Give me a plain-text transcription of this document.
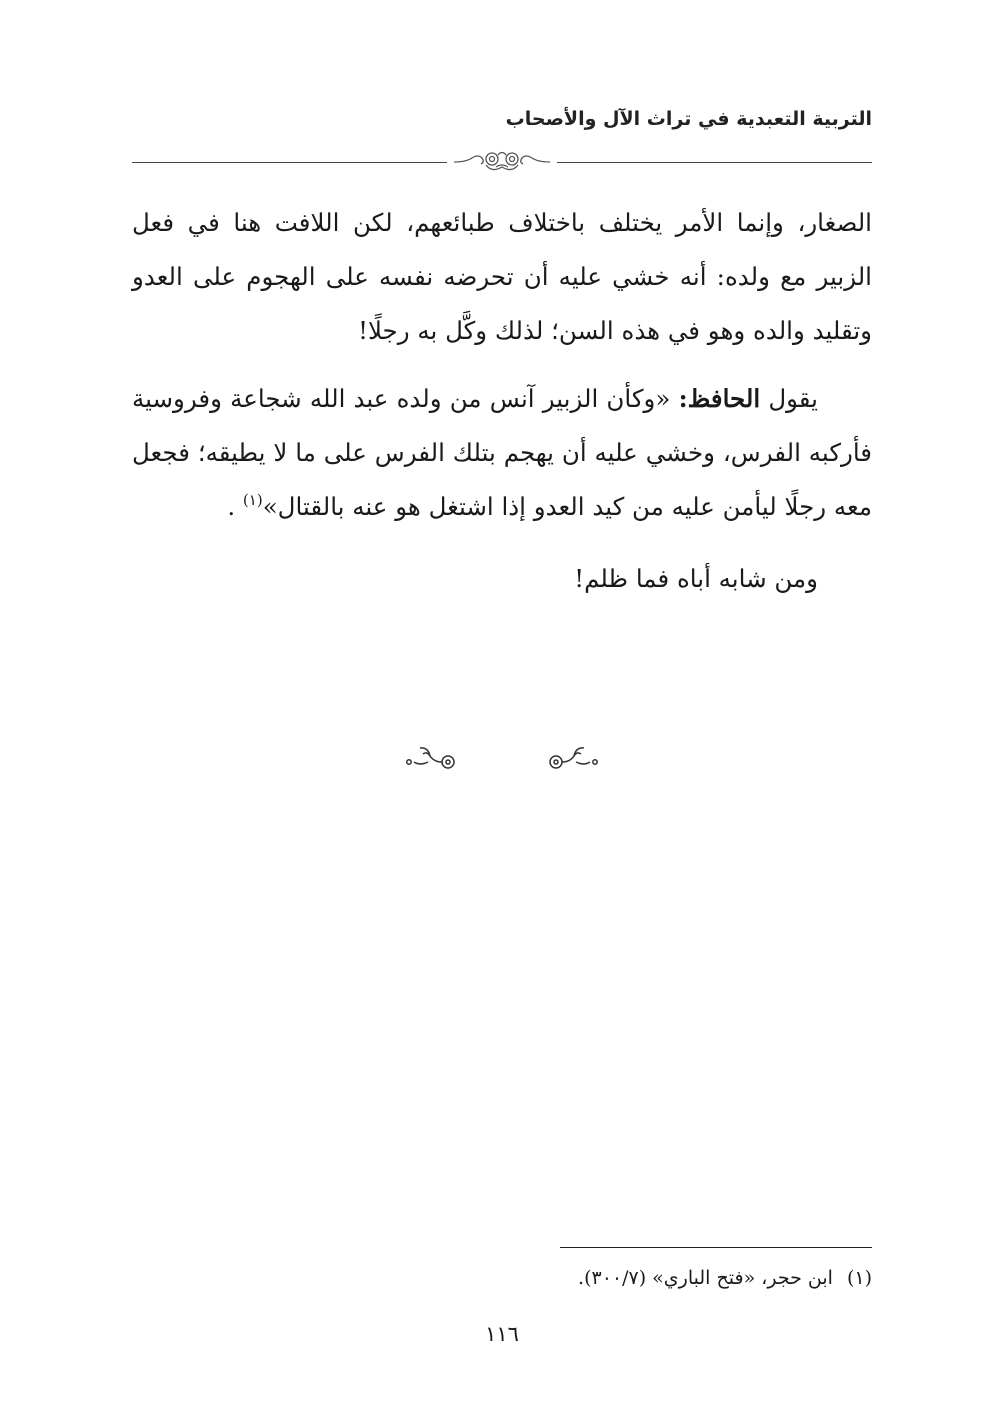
التربية التعبدية في تراث الآل والأصحاب

الصغار، وإنما الأمر يختلف باختلاف طبائعهم، لكن اللافت هنا في فعل الزبير مع ولده: أنه خشي عليه أن تحرضه نفسه على الهجوم على العدو وتقليد والده وهو في هذه السن؛ لذلك وكَّل به رجلًا!

يقول الحافظ: «وكأن الزبير آنس من ولده عبد الله شجاعة وفروسية فأركبه الفرس، وخشي عليه أن يهجم بتلك الفرس على ما لا يطيقه؛ فجعل معه رجلًا ليأمن عليه من كيد العدو إذا اشتغل هو عنه بالقتال»$^{(١)}$ .

ومن شابه أباه فما ظلم!

(١)ابن حجر، «فتح الباري» (٣٠٠/٧).
١١٦
